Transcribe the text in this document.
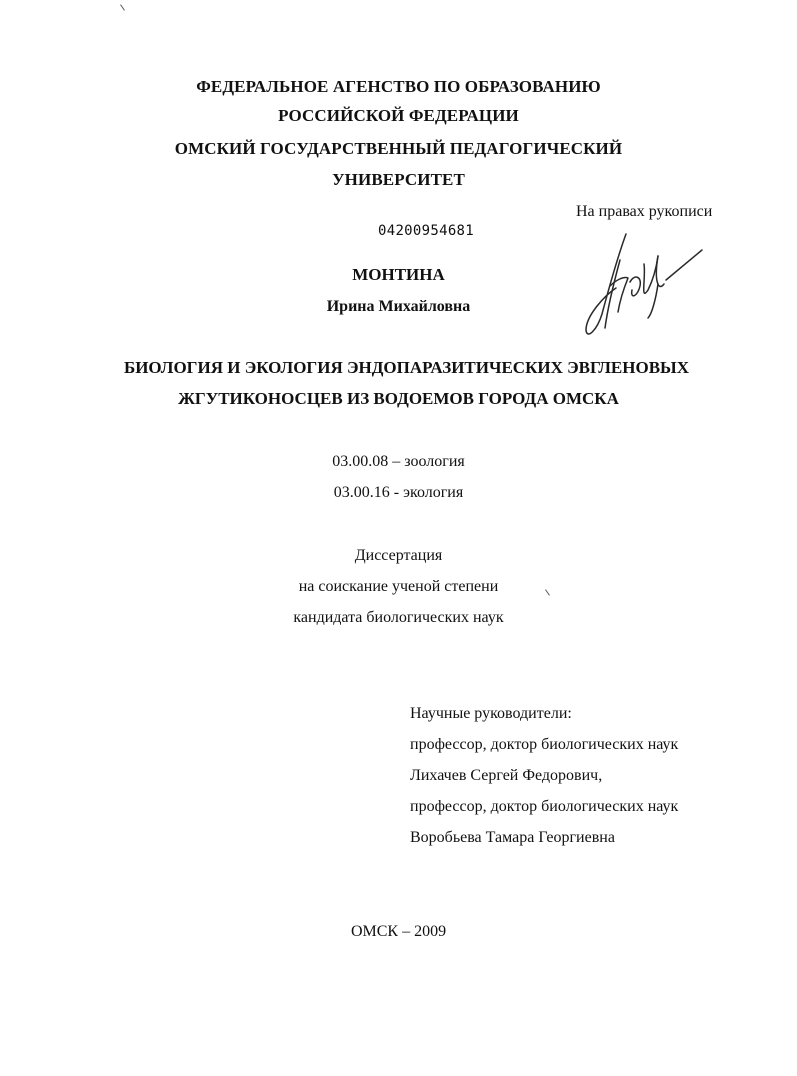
ФЕДЕРАЛЬНОЕ АГЕНСТВО ПО ОБРАЗОВАНИЮ
РОССИЙСКОЙ ФЕДЕРАЦИИ
ОМСКИЙ ГОСУДАРСТВЕННЫЙ ПЕДАГОГИЧЕСКИЙ
УНИВЕРСИТЕТ
На правах рукописи
04200954681
МОНТИНА
Ирина Михайловна
БИОЛОГИЯ И ЭКОЛОГИЯ ЭНДОПАРАЗИТИЧЕСКИХ ЭВГЛЕНОВЫХ
ЖГУТИКОНОСЦЕВ ИЗ ВОДОЕМОВ ГОРОДА ОМСКА
03.00.08 – зоология
03.00.16 - экология
Диссертация
на соискание ученой степени
кандидата биологических наук
Научные руководители:
профессор, доктор биологических наук
Лихачев Сергей Федорович,
профессор, доктор биологических наук
Воробьева Тамара Георгиевна
ОМСК – 2009
